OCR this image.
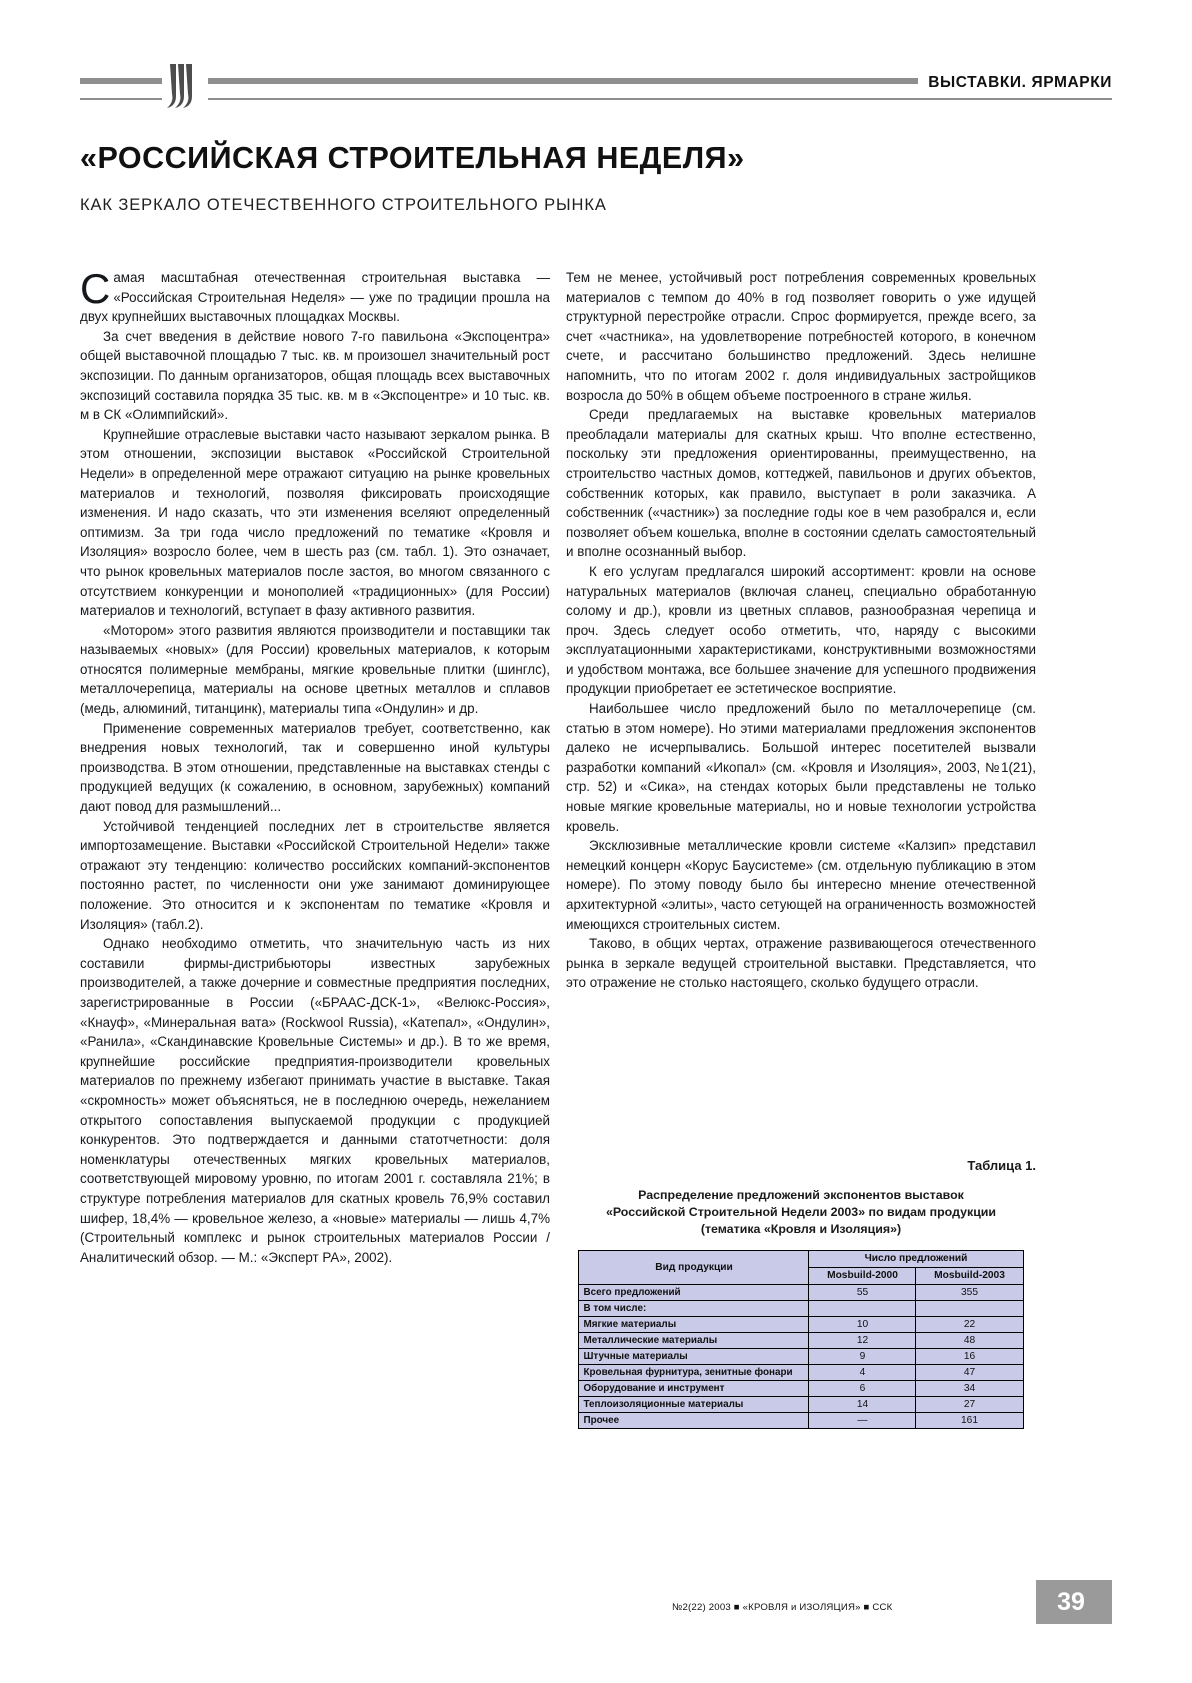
ВЫСТАВКИ. ЯРМАРКИ
«РОССИЙСКАЯ СТРОИТЕЛЬНАЯ НЕДЕЛЯ»
КАК ЗЕРКАЛО ОТЕЧЕСТВЕННОГО СТРОИТЕЛЬНОГО РЫНКА

Самая масштабная отечественная строительная выставка — «Российская Строительная Неделя» — уже по традиции прошла на двух крупнейших выставочных площадках Москвы.

За счет введения в действие нового 7-го павильона «Экспоцентра» общей выставочной площадью 7 тыс. кв. м произошел значительный рост экспозиции. По данным организаторов, общая площадь всех выставочных экспозиций составила порядка 35 тыс. кв. м в «Экспоцентре» и 10 тыс. кв. м в СК «Олимпийский».

Крупнейшие отраслевые выставки часто называют зеркалом рынка. В этом отношении, экспозиции выставок «Российской Строительной Недели» в определенной мере отражают ситуацию на рынке кровельных материалов и технологий, позволяя фиксировать происходящие изменения. И надо сказать, что эти изменения вселяют определенный оптимизм. За три года число предложений по тематике «Кровля и Изоляция» возросло более, чем в шесть раз (см. табл. 1). Это означает, что рынок кровельных материалов после застоя, во многом связанного с отсутствием конкуренции и монополией «традиционных» (для России) материалов и технологий, вступает в фазу активного развития.

«Мотором» этого развития являются производители и поставщики так называемых «новых» (для России) кровельных материалов, к которым относятся полимерные мембраны, мягкие кровельные плитки (шинглс), металлочерепица, материалы на основе цветных металлов и сплавов (медь, алюминий, титанцинк), материалы типа «Ондулин» и др.

Применение современных материалов требует, соответственно, как внедрения новых технологий, так и совершенно иной культуры производства. В этом отношении, представленные на выставках стенды с продукцией ведущих (к сожалению, в основном, зарубежных) компаний дают повод для размышлений...

Устойчивой тенденцией последних лет в строительстве является импортозамещение. Выставки «Российской Строительной Недели» также отражают эту тенденцию: количество российских компаний-экспонентов постоянно растет, по численности они уже занимают доминирующее положение. Это относится и к экспонентам по тематике «Кровля и Изоляция» (табл.2).

Однако необходимо отметить, что значительную часть из них составили фирмы-дистрибьюторы известных зарубежных производителей, а также дочерние и совместные предприятия последних, зарегистрированные в России («БРААС-ДСК-1», «Велюкс-Россия», «Кнауф», «Минеральная вата» (Rockwool Russia), «Катепал», «Ондулин», «Ранила», «Скандинавские Кровельные Системы» и др.). В то же время, крупнейшие российские предприятия-производители кровельных материалов по прежнему избегают принимать участие в выставке. Такая «скромность» может объясняться, не в последнюю очередь, нежеланием открытого сопоставления выпускаемой продукции с продукцией конкурентов. Это подтверждается и данными статотчетности: доля номенклатуры отечественных мягких кровельных материалов, соответствующей мировому уровню, по итогам 2001 г. составляла 21%; в структуре потребления материалов для скатных кровель 76,9% составил шифер, 18,4% — кровельное железо, а «новые» материалы — лишь 4,7% (Строительный комплекс и рынок строительных материалов России / Аналитический обзор. — М.: «Эксперт РА», 2002).

Тем не менее, устойчивый рост потребления современных кровельных материалов с темпом до 40% в год позволяет говорить о уже идущей структурной перестройке отрасли. Спрос формируется, прежде всего, за счет «частника», на удовлетворение потребностей которого, в конечном счете, и рассчитано большинство предложений. Здесь нелишне напомнить, что по итогам 2002 г. доля индивидуальных застройщиков возросла до 50% в общем объеме построенного в стране жилья.

Среди предлагаемых на выставке кровельных материалов преобладали материалы для скатных крыш. Что вполне естественно, поскольку эти предложения ориентированны, преимущественно, на строительство частных домов, коттеджей, павильонов и других объектов, собственник которых, как правило, выступает в роли заказчика. А собственник («частник») за последние годы кое в чем разобрался и, если позволяет объем кошелька, вполне в состоянии сделать самостоятельный и вполне осознанный выбор.

К его услугам предлагался широкий ассортимент: кровли на основе натуральных материалов (включая сланец, специально обработанную солому и др.), кровли из цветных сплавов, разнообразная черепица и проч. Здесь следует особо отметить, что, наряду с высокими эксплуатационными характеристиками, конструктивными возможностями и удобством монтажа, все большее значение для успешного продвижения продукции приобретает ее эстетическое восприятие.

Наибольшее число предложений было по металлочерепице (см. статью в этом номере). Но этими материалами предложения экспонентов далеко не исчерпывались. Большой интерес посетителей вызвали разработки компаний «Икопал» (см. «Кровля и Изоляция», 2003, №1(21), стр. 52) и «Сика», на стендах которых были представлены не только новые мягкие кровельные материалы, но и новые технологии устройства кровель.

Эксклюзивные металлические кровли системе «Калзип» представил немецкий концерн «Корус Баусистеме» (см. отдельную публикацию в этом номере). По этому поводу было бы интересно мнение отечественной архитектурной «элиты», часто сетующей на ограниченность возможностей имеющихся строительных систем.

Таково, в общих чертах, отражение развивающегося отечественного рынка в зеркале ведущей строительной выставки. Представляется, что это отражение не столько настоящего, сколько будущего отрасли.

Таблица 1.
Распределение предложений экспонентов выставок
«Российской Строительной Недели 2003» по видам продукции
(тематика «Кровля и Изоляция»)
Вид продукции	Число предложений	
	Mosbuild-2000	Mosbuild-2003
Всего предложений	55	355
В том числе:		
Мягкие материалы	10	22
Металлические материалы	12	48
Штучные материалы	9	16
Кровельная фурнитура, зенитные фонари	4	47
Оборудование и инструмент	6	34
Теплоизоляционные материалы	14	27
Прочее	—	161
№2(22) 2003 ■ «КРОВЛЯ и ИЗОЛЯЦИЯ» ■ ССК	39
